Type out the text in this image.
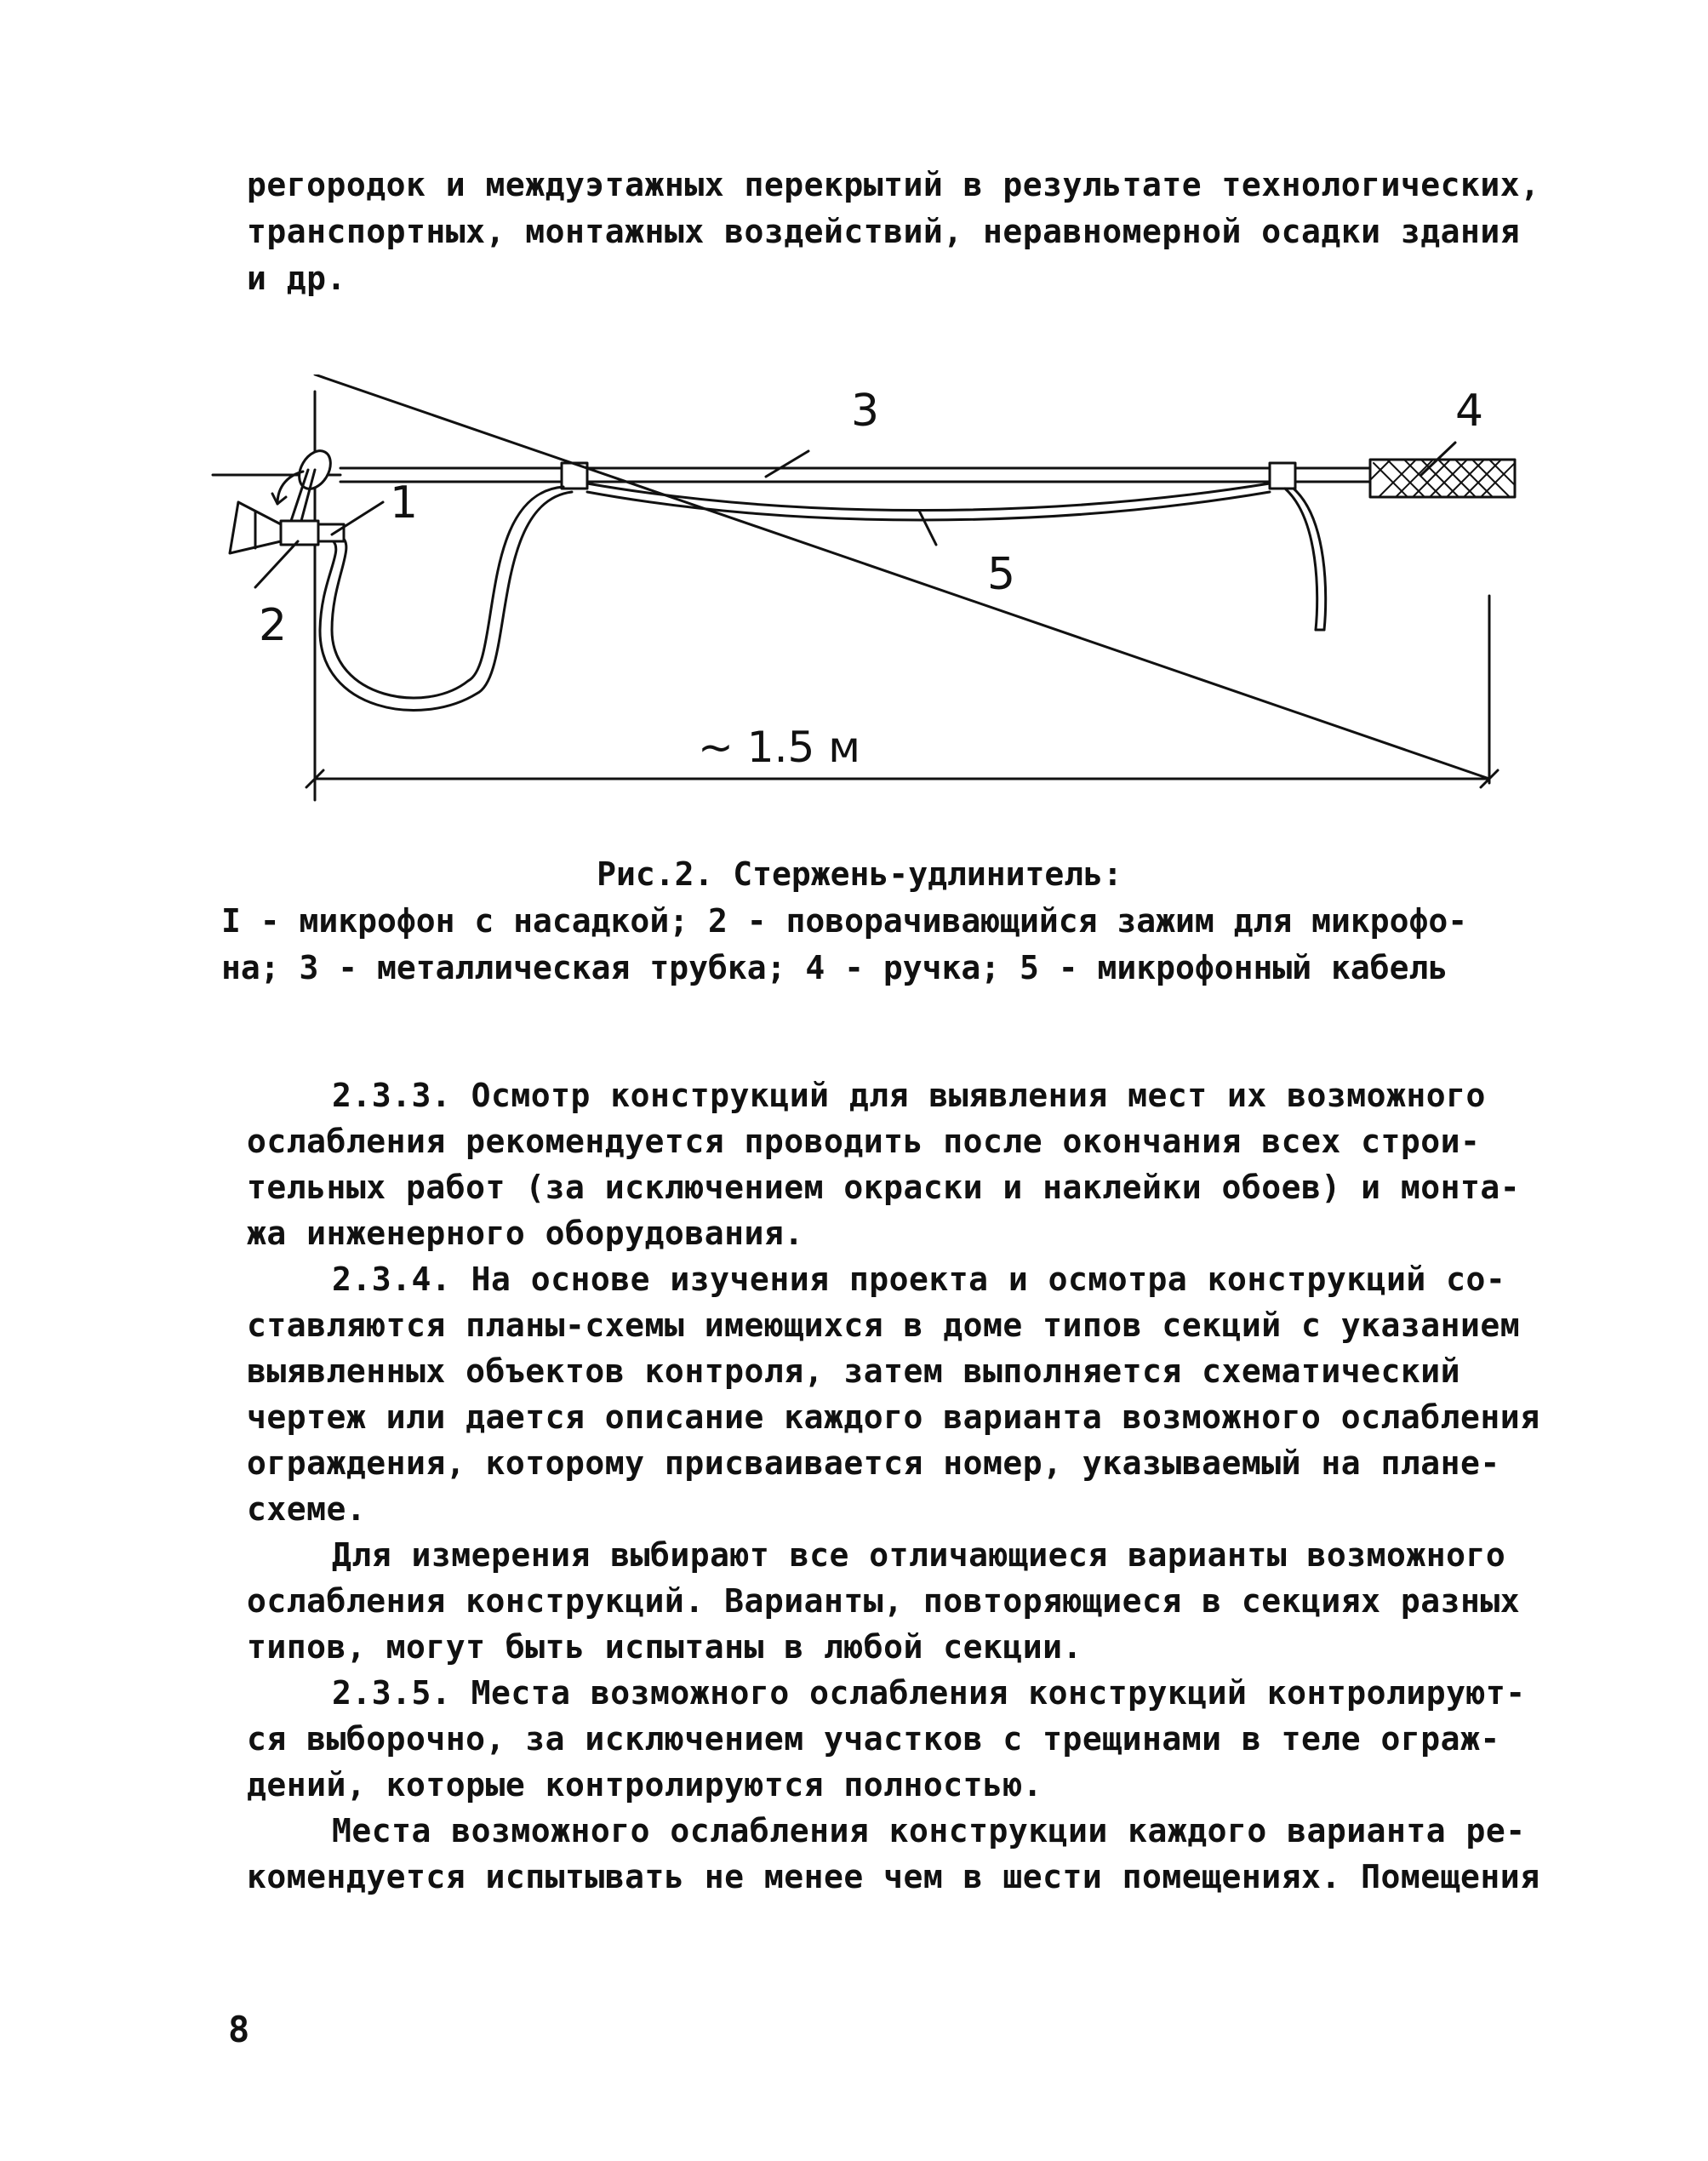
регородок и междуэтажных перекрытий в результате технологических,
транспортных, монтажных воздействий, неравномерной осадки здания
и др.
1
2
3	4
5
~ 1.5 м
Рис.2. Стержень-удлинитель:
I - микрофон с насадкой; 2 - поворачивающийся зажим для микрофо-
на; 3 - металлическая трубка; 4 - ручка; 5 - микрофонный кабель
2.3.3. Осмотр конструкций для выявления мест их возможного
ослабления рекомендуется проводить после окончания всех строи-
тельных работ (за исключением окраски и наклейки обоев) и монта-
жа инженерного оборудования.
2.3.4. На основе изучения проекта и осмотра конструкций со-
ставляются планы-схемы имеющихся в доме типов секций с указанием
выявленных объектов контроля, затем выполняется схематический
чертеж или дается описание каждого варианта возможного ослабления
ограждения, которому присваивается номер, указываемый на плане-
схеме.
Для измерения выбирают все отличающиеся варианты возможного
ослабления конструкций. Варианты, повторяющиеся в секциях разных
типов, могут быть испытаны в любой секции.
2.3.5. Места возможного ослабления конструкций контролируют-
ся выборочно, за исключением участков с трещинами в теле ограж-
дений, которые контролируются полностью.
Места возможного ослабления конструкции каждого варианта ре-
комендуется испытывать не менее чем в шести помещениях. Помещения
8
